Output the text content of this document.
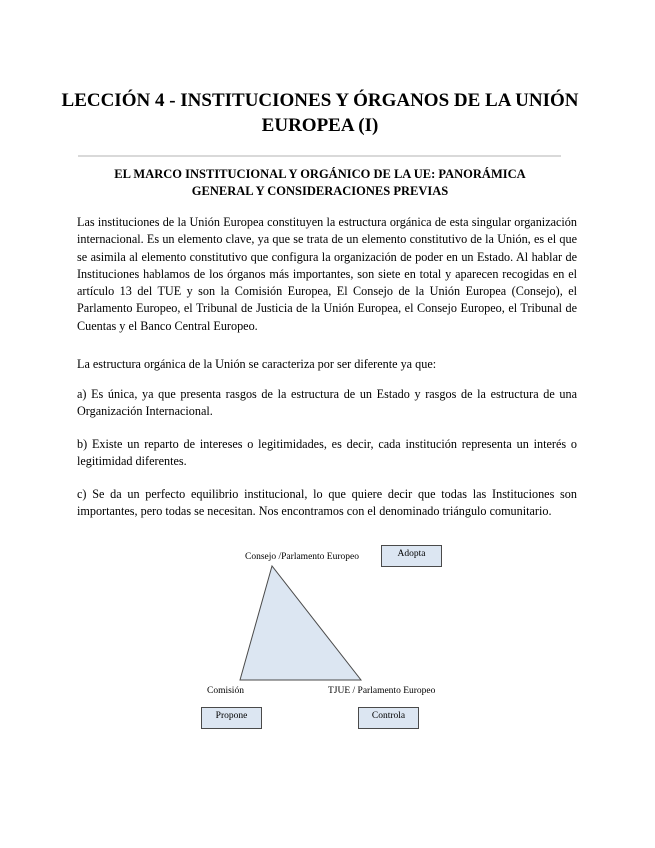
LECCIÓN 4 - INSTITUCIONES Y ÓRGANOS DE LA UNIÓN EUROPEA (I)
EL MARCO INSTITUCIONAL Y ORGÁNICO DE LA UE: PANORÁMICA GENERAL Y CONSIDERACIONES PREVIAS

Las instituciones de la Unión Europea constituyen la estructura orgánica de esta singular organización internacional. Es un elemento clave, ya que se trata de un elemento constitutivo de la Unión, es el que se asimila al elemento constitutivo que configura la organización de poder en un Estado. Al hablar de Instituciones hablamos de los órganos más importantes, son siete en total y aparecen recogidas en el artículo 13 del TUE y son la Comisión Europea, El Consejo de la Unión Europea (Consejo), el Parlamento Europeo, el Tribunal de Justicia de la Unión Europea, el Consejo Europeo, el Tribunal de Cuentas y el Banco Central Europeo.

La estructura orgánica de la Unión se caracteriza por ser diferente ya que:

a) Es única, ya que presenta rasgos de la estructura de un Estado y rasgos de la estructura de una Organización Internacional.

b) Existe un reparto de intereses o legitimidades, es decir, cada institución representa un interés o legitimidad diferentes.

c) Se da un perfecto equilibrio institucional, lo que quiere decir que todas las Instituciones son importantes, pero todas se necesitan. Nos encontramos con el denominado triángulo comunitario.

Consejo /Parlamento Europeo	Adopta

Comisión

Propone

TJUE / Parlamento Europeo

Controla
